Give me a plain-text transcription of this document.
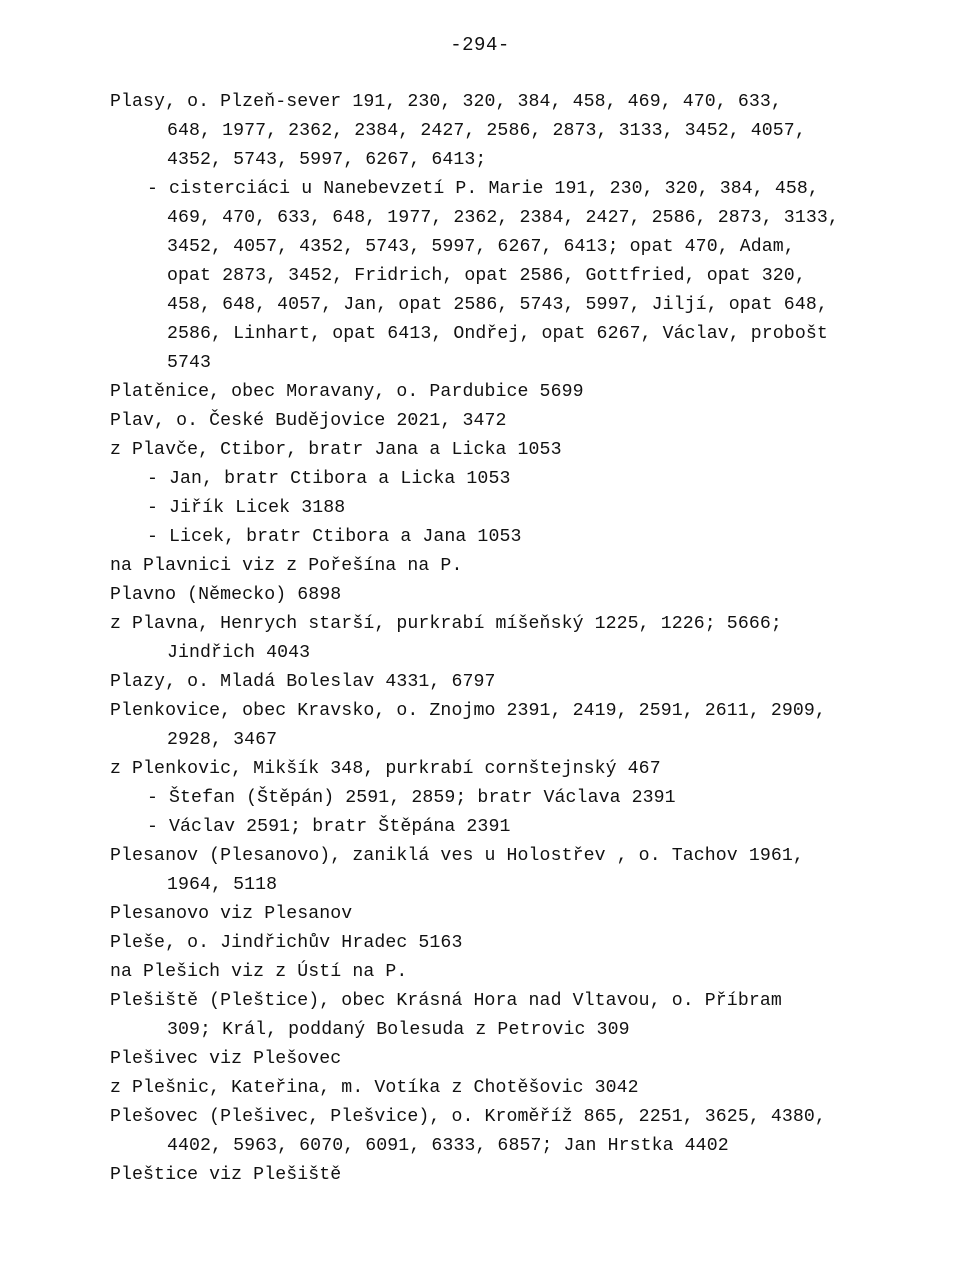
-294-
Plasy, o. Plzeň-sever 191, 230, 320, 384, 458, 469, 470, 633,
648, 1977, 2362, 2384, 2427, 2586, 2873, 3133, 3452, 4057,
4352, 5743, 5997, 6267, 6413;
- cisterciáci u Nanebevzetí P. Marie 191, 230, 320, 384, 458,
469, 470, 633, 648, 1977, 2362, 2384, 2427, 2586, 2873, 3133,
3452, 4057, 4352, 5743, 5997, 6267, 6413; opat 470, Adam,
opat 2873, 3452, Fridrich, opat 2586, Gottfried, opat 320,
458, 648, 4057, Jan, opat 2586, 5743, 5997, Jiljí, opat 648,
2586, Linhart, opat 6413, Ondřej, opat 6267, Václav, probošt
5743
Platěnice, obec Moravany, o. Pardubice 5699
Plav, o. České Budějovice 2021, 3472
z Plavče, Ctibor, bratr Jana a Licka 1053
- Jan, bratr Ctibora a Licka 1053
- Jiřík Licek 3188
- Licek, bratr Ctibora a Jana 1053
na Plavnici viz z Pořešína na P.
Plavno (Německo) 6898
z Plavna, Henrych starší, purkrabí míšeňský 1225, 1226; 5666;
Jindřich 4043
Plazy, o. Mladá Boleslav 4331, 6797
Plenkovice, obec Kravsko, o. Znojmo 2391, 2419, 2591, 2611, 2909,
2928, 3467
z Plenkovic, Mikšík 348, purkrabí cornštejnský 467
- Štefan (Štěpán) 2591, 2859; bratr Václava 2391
- Václav 2591; bratr Štěpána 2391
Plesanov (Plesanovo), zaniklá ves u Holostřev , o. Tachov 1961,
1964, 5118
Plesanovo viz Plesanov
Pleše, o. Jindřichův Hradec 5163
na Plešich viz z Ústí na P.
Plešiště (Pleštice), obec Krásná Hora nad Vltavou, o. Příbram
309; Král, poddaný Bolesuda z Petrovic 309
Plešivec viz Plešovec
z Plešnic, Kateřina, m. Votíka z Chotěšovic 3042
Plešovec (Plešivec, Plešvice), o. Kroměříž 865, 2251, 3625, 4380,
4402, 5963, 6070, 6091, 6333, 6857; Jan Hrstka 4402
Pleštice viz Plešiště
